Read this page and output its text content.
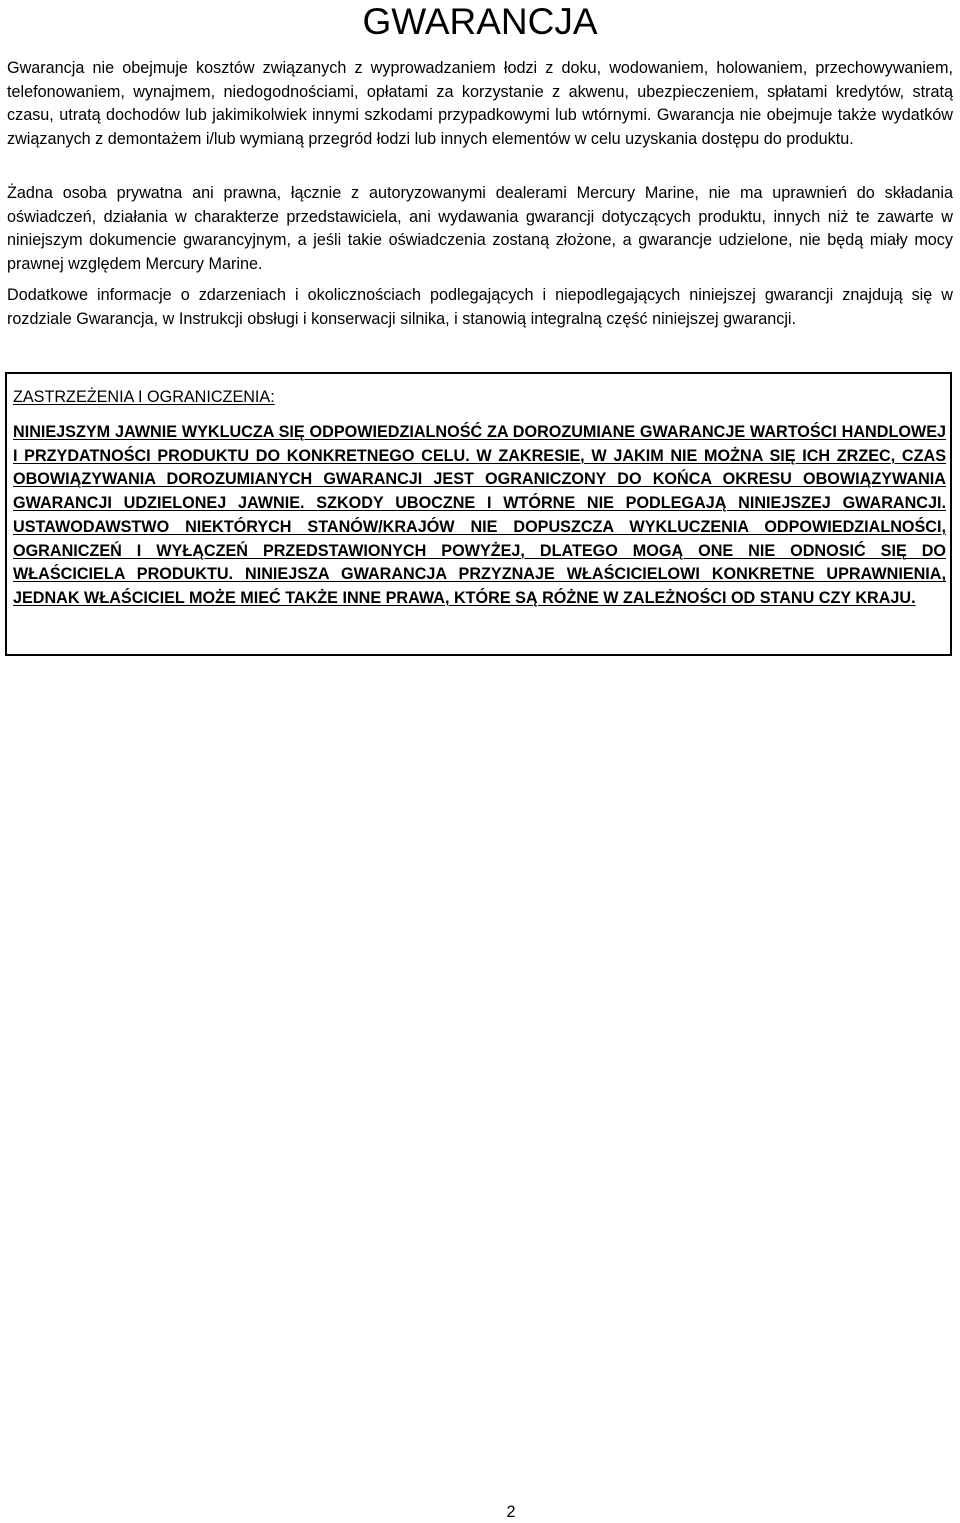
GWARANCJA

Gwarancja nie obejmuje kosztów związanych z wyprowadzaniem łodzi z doku, wodowaniem, holowaniem, przechowywaniem, telefonowaniem, wynajmem, niedogodnościami, opłatami za korzystanie z akwenu, ubezpieczeniem, spłatami kredytów, stratą czasu, utratą dochodów lub jakimikolwiek innymi szkodami przypadkowymi lub wtórnymi. Gwarancja nie obejmuje także wydatków związanych z demontażem i/lub wymianą przegród łodzi lub innych elementów w celu uzyskania dostępu do produktu.

Żadna osoba prywatna ani prawna, łącznie z autoryzowanymi dealerami Mercury Marine, nie ma uprawnień do składania oświadczeń, działania w charakterze przedstawiciela, ani wydawania gwarancji dotyczących produktu, innych niż te zawarte w niniejszym dokumencie gwarancyjnym, a jeśli takie oświadczenia zostaną złożone, a gwarancje udzielone, nie będą miały mocy prawnej względem Mercury Marine.

Dodatkowe informacje o zdarzeniach i okolicznościach podlegających i niepodlegających niniejszej gwarancji znajdują się w rozdziale Gwarancja, w Instrukcji obsługi i konserwacji silnika, i stanowią integralną część niniejszej gwarancji.

ZASTRZEŻENIA I OGRANICZENIA:

NINIEJSZYM JAWNIE WYKLUCZA SIĘ ODPOWIEDZIALNOŚĆ ZA DOROZUMIANE GWARANCJE WARTOŚCI HANDLOWEJ I PRZYDATNOŚCI PRODUKTU DO KONKRETNEGO CELU. W ZAKRESIE, W JAKIM NIE MOŻNA SIĘ ICH ZRZEC, CZAS OBOWIĄZYWANIA DOROZUMIANYCH GWARANCJI JEST OGRANICZONY DO KOŃCA OKRESU OBOWIĄZYWANIA GWARANCJI UDZIELONEJ JAWNIE. SZKODY UBOCZNE I WTÓRNE NIE PODLEGAJĄ NINIEJSZEJ GWARANCJI. USTAWODAWSTWO NIEKTÓRYCH STANÓW/KRAJÓW NIE DOPUSZCZA WYKLUCZENIA ODPOWIEDZIALNOŚCI, OGRANICZEŃ I WYŁĄCZEŃ PRZEDSTAWIONYCH POWYŻEJ, DLATEGO MOGĄ ONE NIE ODNOSIĆ SIĘ DO WŁAŚCICIELA PRODUKTU. NINIEJSZA GWARANCJA PRZYZNAJE WŁAŚCICIELOWI KONKRETNE UPRAWNIENIA, JEDNAK WŁAŚCICIEL MOŻE MIEĆ TAKŻE INNE PRAWA, KTÓRE SĄ RÓŻNE W ZALEŻNOŚCI OD STANU CZY KRAJU.

2
